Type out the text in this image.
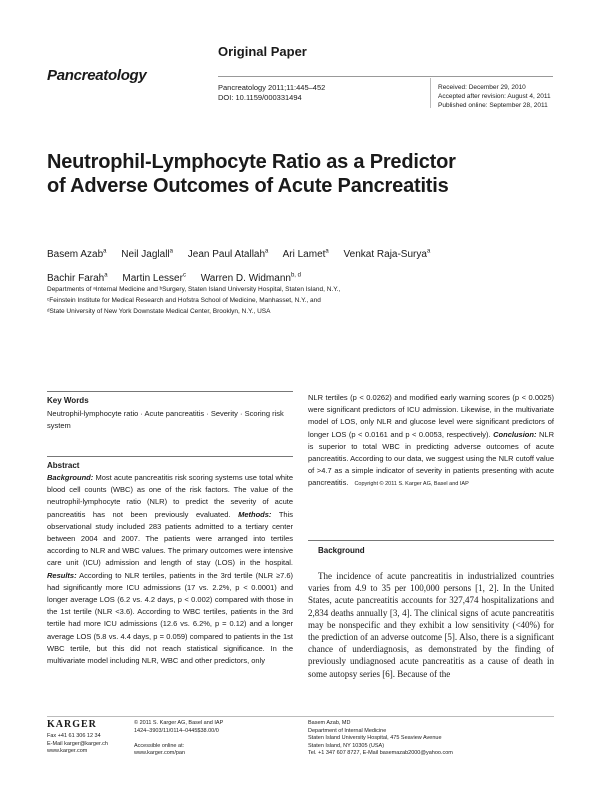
Original Paper
Pancreatology
Pancreatology 2011;11:445–452
DOI: 10.1159/000331494
Received: December 29, 2010
Accepted after revision: August 4, 2011
Published online: September 28, 2011
Neutrophil-Lymphocyte Ratio as a Predictor of Adverse Outcomes of Acute Pancreatitis
Basem Azab$^a$ Neil Jaglall$^a$ Jean Paul Atallah$^a$ Ari Lamet$^a$ Venkat Raja-Surya$^a$
Bachir Farah$^a$ Martin Lesser$^c$ Warren D. Widmann$^{b, d}$
Departments of ᵃInternal Medicine and ᵇSurgery, Staten Island University Hospital, Staten Island, N.Y.,
ᶜFeinstein Institute for Medical Research and Hofstra School of Medicine, Manhasset, N.Y., and
ᵈState University of New York Downstate Medical Center, Brooklyn, N.Y., USA
Key Words
Neutrophil-lymphocyte ratio · Acute pancreatitis · Severity · Scoring risk system
Abstract
Background: Most acute pancreatitis risk scoring systems use total white blood cell counts (WBC) as one of the risk factors. The value of the neutrophil-lymphocyte ratio (NLR) to predict the severity of acute pancreatitis has not been previously evaluated. Methods: This observational study included 283 patients admitted to a tertiary center between 2004 and 2007. The patients were arranged into tertiles according to NLR and WBC values. The primary outcomes were intensive care unit (ICU) admission and length of stay (LOS) in the hospital. Results: According to NLR tertiles, patients in the 3rd tertile (NLR ≥7.6) had significantly more ICU admissions (17 vs. 2.2%, p < 0.0001) and longer average LOS (6.2 vs. 4.2 days, p < 0.002) compared with those in the 1st tertile (NLR <3.6). According to WBC tertiles, patients in the 3rd tertile had more ICU admissions (12.6 vs. 6.2%, p = 0.12) and a longer average LOS (5.8 vs. 4.4 days, p = 0.059) compared to patients in the 1st WBC tertile, but this did not reach statistical significance. In the multivariate model including NLR, WBC and other predictors, only
NLR tertiles (p < 0.0262) and modified early warning scores (p < 0.0025) were significant predictors of ICU admission. Likewise, in the multivariate model of LOS, only NLR and glucose level were significant predictors of longer LOS (p < 0.0161 and p < 0.0053, respectively). Conclusion: NLR is superior to total WBC in predicting adverse outcomes of acute pancreatitis. According to our data, we suggest using the NLR cutoff value of >4.7 as a simple indicator of severity in patients presenting with acute pancreatitis. Copyright © 2011 S. Karger AG, Basel and IAP
Background
The incidence of acute pancreatitis in industrialized countries varies from 4.9 to 35 per 100,000 persons [1, 2]. In the United States, acute pancreatitis accounts for 327,474 hospitalizations and 2,834 deaths annually [3, 4]. The clinical signs of acute pancreatitis may be nonspecific and they exhibit a low sensitivity (<40%) for the prediction of an adverse outcome [5]. Also, there is a significant chance of underdiagnosis, as demonstrated by the finding of previously undiagnosed acute pancreatitis as a cause of death in some autopsy series [6]. Because of the
KARGER
Fax +41 61 306 12 34
E-Mail karger@karger.ch
www.karger.com
© 2011 S. Karger AG, Basel and IAP
1424–3903/11/0114–0445$38.00/0

Accessible online at:
www.karger.com/pan
Basem Azab, MD
Department of Internal Medicine
Staten Island University Hospital, 475 Seaview Avenue
Staten Island, NY 10305 (USA)
Tel. +1 347 607 8727, E-Mail basemazab2000@yahoo.com
